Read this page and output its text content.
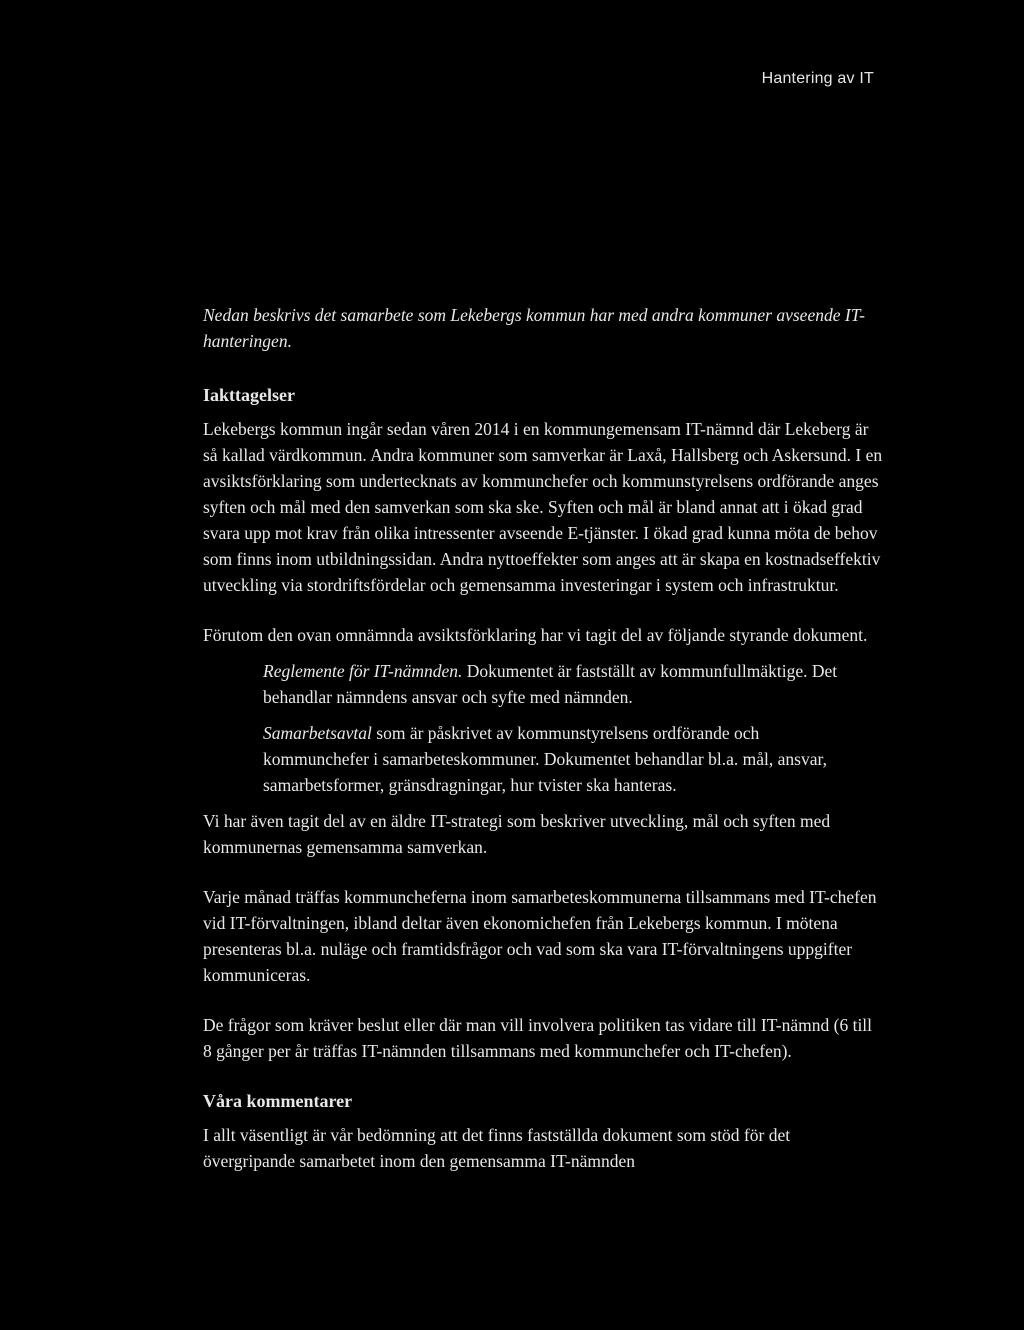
Hantering av IT

Nedan beskrivs det samarbete som Lekebergs kommun har med andra kommuner avseende IT-hanteringen.

Iakttagelser

Lekebergs kommun ingår sedan våren 2014 i en kommungemensam IT-nämnd där Lekeberg är så kallad värdkommun. Andra kommuner som samverkar är Laxå, Hallsberg och Askersund. I en avsiktsförklaring som undertecknats av kommunchefer och kommunstyrelsens ordförande anges syften och mål med den samverkan som ska ske. Syften och mål är bland annat att i ökad grad svara upp mot krav från olika intressenter avseende E-tjänster. I ökad grad kunna möta de behov som finns inom utbildningssidan. Andra nyttoeffekter som anges att är skapa en kostnadseffektiv utveckling via stordriftsfördelar och gemensamma investeringar i system och infrastruktur.

Förutom den ovan omnämnda avsiktsförklaring har vi tagit del av följande styrande dokument.

Reglemente för IT-nämnden. Dokumentet är fastställt av kommunfullmäktige. Det behandlar nämndens ansvar och syfte med nämnden.
Samarbetsavtal som är påskrivet av kommunstyrelsens ordförande och kommunchefer i samarbeteskommuner. Dokumentet behandlar bl.a. mål, ansvar, samarbetsformer, gränsdragningar, hur tvister ska hanteras.

Vi har även tagit del av en äldre IT-strategi som beskriver utveckling, mål och syften med kommunernas gemensamma samverkan.

Varje månad träffas kommuncheferna inom samarbeteskommunerna tillsammans med IT-chefen vid IT-förvaltningen, ibland deltar även ekonomichefen från Lekebergs kommun. I mötena presenteras bl.a. nuläge och framtidsfrågor och vad som ska vara IT-förvaltningens uppgifter kommuniceras.

De frågor som kräver beslut eller där man vill involvera politiken tas vidare till IT-nämnd (6 till 8 gånger per år träffas IT-nämnden tillsammans med kommunchefer och IT-chefen).

Våra kommentarer

I allt väsentligt är vår bedömning att det finns fastställda dokument som stöd för det övergripande samarbetet inom den gemensamma IT-nämnden
